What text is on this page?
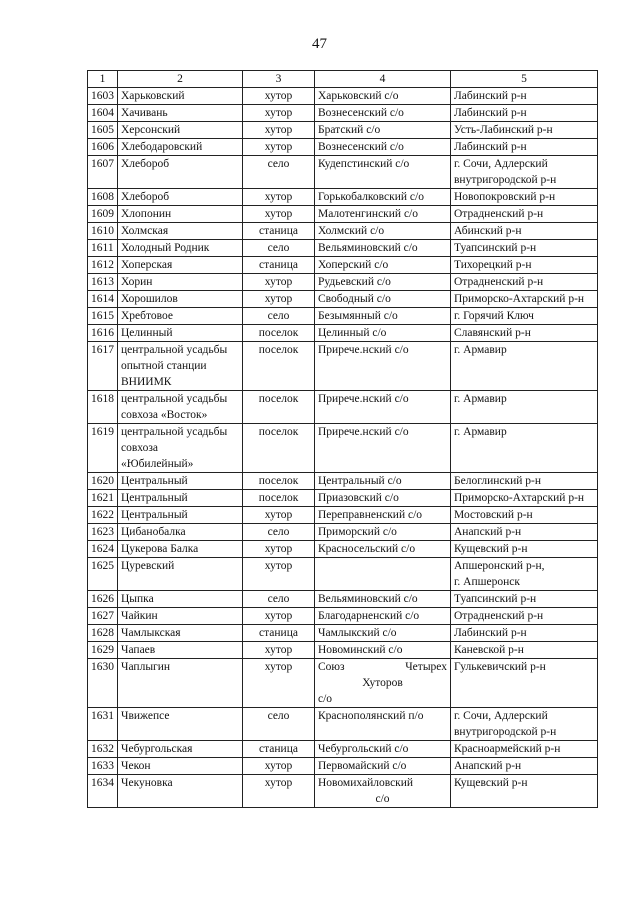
47
1	2	3	4	5
1603	Харьковский	хутор	Харьковский с/о	Лабинский р-н

1604	Хачивань	хутор	Вознесенский с/о	Лабинский р-н

1605	Херсонский	хутор	Братский с/о	Усть-Лабинский р-н

1606	Хлебодаровский	хутор	Вознесенский с/о	Лабинский р-н

1607	Хлебороб	село	Кудепстинский с/о	г. Сочи, Адлерский
внутригородской р-н

1608	Хлебороб	хутор	Горькобалковский с/о	Новопокровский р-н

1609	Хлопонин	хутор	Малотенгинский с/о	Отрадненский р-н

1610	Холмская	станица	Холмский с/о	Абинский р-н

1611	Холодный Родник	село	Вельяминовский с/о	Туапсинский р-н

1612	Хоперская	станица	Хоперский с/о	Тихорецкий р-н

1613	Хорин	хутор	Рудьевский с/о	Отрадненский р-н

1614	Хорошилов	хутор	Свободный с/о	Приморско-Ахтарский р-н

1615	Хребтовое	село	Безымянный с/о	г. Горячий Ключ

1616	Целинный	поселок	Целинный с/о	Славянский р-н

1617	центральной усадьбы
опытной станции
ВНИИМК	поселок	Прирече.нский с/о	г. Армавир

1618	центральной усадьбы
совхоза «Восток»	поселок	Прирече.нский с/о	г. Армавир

1619	центральной усадьбы
совхоза
«Юбилейный»	поселок	Прирече.нский с/о	г. Армавир

1620	Центральный	поселок	Центральный с/о	Белоглинский р-н

1621	Центральный	поселок	Приазовский с/о	Приморско-Ахтарский р-н

1622	Центральный	хутор	Переправненский с/о	Мостовский р-н

1623	Цибанобалка	село	Приморский с/о	Анапский р-н

1624	Цукерова Балка	хутор	Красносельский с/о	Кущевский р-н

1625	Цуревский	хутор		Апшеронский р-н,
г. Апшеронск

1626	Цыпка	село	Вельяминовский с/о	Туапсинский р-н

1627	Чайкин	хутор	Благодарненский с/о	Отрадненский р-н

1628	Чамлыкская	станица	Чамлыкский с/о	Лабинский р-н

1629	Чапаев	хутор	Новоминский с/о	Каневской р-н

1630	Чаплыгин	хутор	Союз Четырех
Хуторов
с/о	Гулькевичский р-н

1631	Чвижепсе	село	Краснополянский п/о	г. Сочи, Адлерский
внутригородской р-н

1632	Чебургольская	станица	Чебургольский с/о	Красноармейский р-н

1633	Чекон	хутор	Первомайский с/о	Анапский р-н

1634	Чекуновка	хутор	Новомихайловский
с/о	Кущевский р-н
